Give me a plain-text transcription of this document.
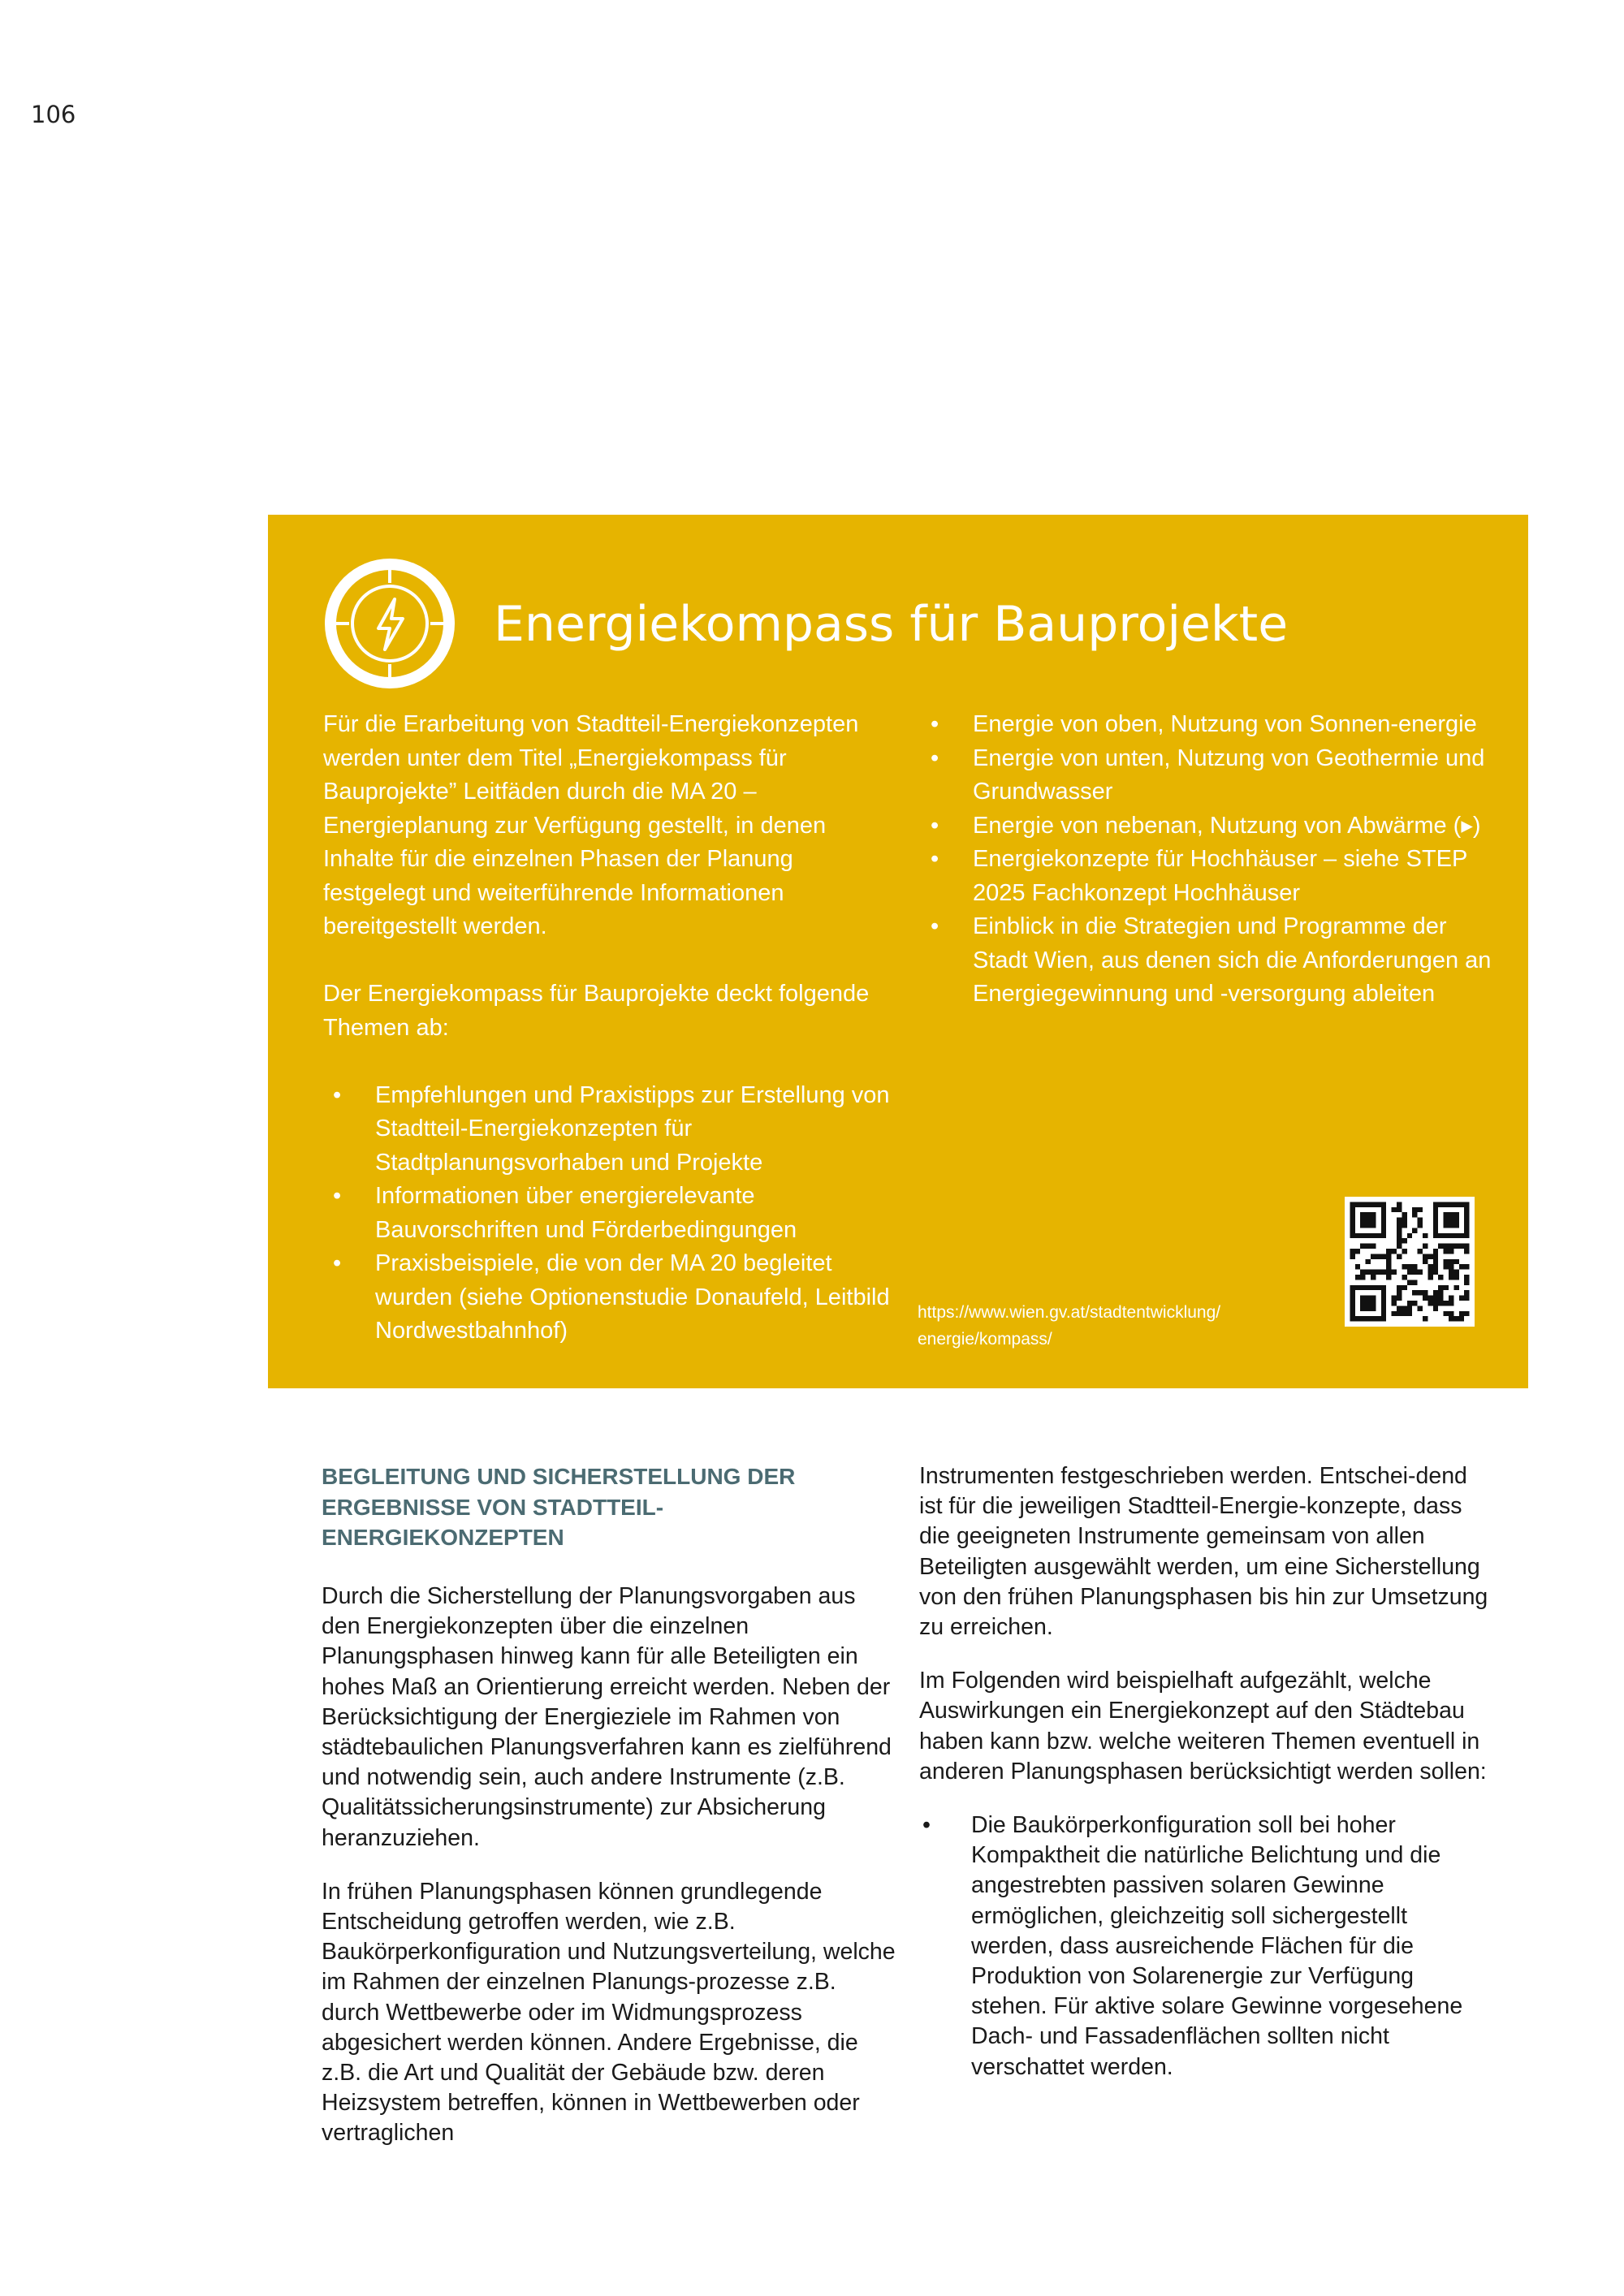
106
Energiekompass für Bauprojekte

Für die Erarbeitung von Stadtteil-Energiekonzepten werden unter dem Titel „Energiekompass für Bauprojekte” Leitfäden durch die MA 20 – Energieplanung zur Verfügung gestellt, in denen Inhalte für die einzelnen Phasen der Planung festgelegt und weiterführende Informationen bereitgestellt werden.

Der Energiekompass für Bauprojekte deckt folgende Themen ab:

• Empfehlungen und Praxistipps zur Erstellung von Stadtteil-Energiekonzepten für Stadtplanungsvorhaben und Projekte
• Informationen über energierelevante Bauvorschriften und Förderbedingungen
• Praxisbeispiele, die von der MA 20 begleitet wurden (siehe Optionenstudie Donaufeld, Leitbild Nordwestbahnhof)
• Energie von oben, Nutzung von Sonnen-energie
• Energie von unten, Nutzung von Geothermie und Grundwasser
• Energie von nebenan, Nutzung von Abwärme (▸)
• Energiekonzepte für Hochhäuser – siehe STEP 2025 Fachkonzept Hochhäuser
• Einblick in die Strategien und Programme der Stadt Wien, aus denen sich die Anforderungen an Energiegewinnung und -versorgung ableiten
https://www.wien.gv.at/stadtentwicklung/
energie/kompass/
BEGLEITUNG UND SICHERSTELLUNG DER ERGEBNISSE VON STADTTEIL-ENERGIEKONZEPTEN

Durch die Sicherstellung der Planungsvorgaben aus den Energiekonzepten über die einzelnen Planungsphasen hinweg kann für alle Beteiligten ein hohes Maß an Orientierung erreicht werden. Neben der Berücksichtigung der Energieziele im Rahmen von städtebaulichen Planungsverfahren kann es zielführend und notwendig sein, auch andere Instrumente (z.B. Qualitätssicherungsinstrumente) zur Absicherung heranzuziehen.

In frühen Planungsphasen können grundlegende Entscheidung getroffen werden, wie z.B. Baukörperkonfiguration und Nutzungsverteilung, welche im Rahmen der einzelnen Planungs-prozesse z.B. durch Wettbewerbe oder im Widmungsprozess abgesichert werden können. Andere Ergebnisse, die z.B. die Art und Qualität der Gebäude bzw. deren Heizsystem betreffen, können in Wettbewerben oder vertraglichen

Instrumenten festgeschrieben werden. Entschei-dend ist für die jeweiligen Stadtteil-Energie-konzepte, dass die geeigneten Instrumente gemeinsam von allen Beteiligten ausgewählt werden, um eine Sicherstellung von den frühen Planungsphasen bis hin zur Umsetzung zu erreichen.

Im Folgenden wird beispielhaft aufgezählt, welche Auswirkungen ein Energiekonzept auf den Städtebau haben kann bzw. welche weiteren Themen eventuell in anderen Planungsphasen berücksichtigt werden sollen:

• Die Baukörperkonfiguration soll bei hoher Kompaktheit die natürliche Belichtung und die angestrebten passiven solaren Gewinne ermöglichen, gleichzeitig soll sichergestellt werden, dass ausreichende Flächen für die Produktion von Solarenergie zur Verfügung stehen. Für aktive solare Gewinne vorgesehene Dach- und Fassadenflächen sollten nicht verschattet werden.
